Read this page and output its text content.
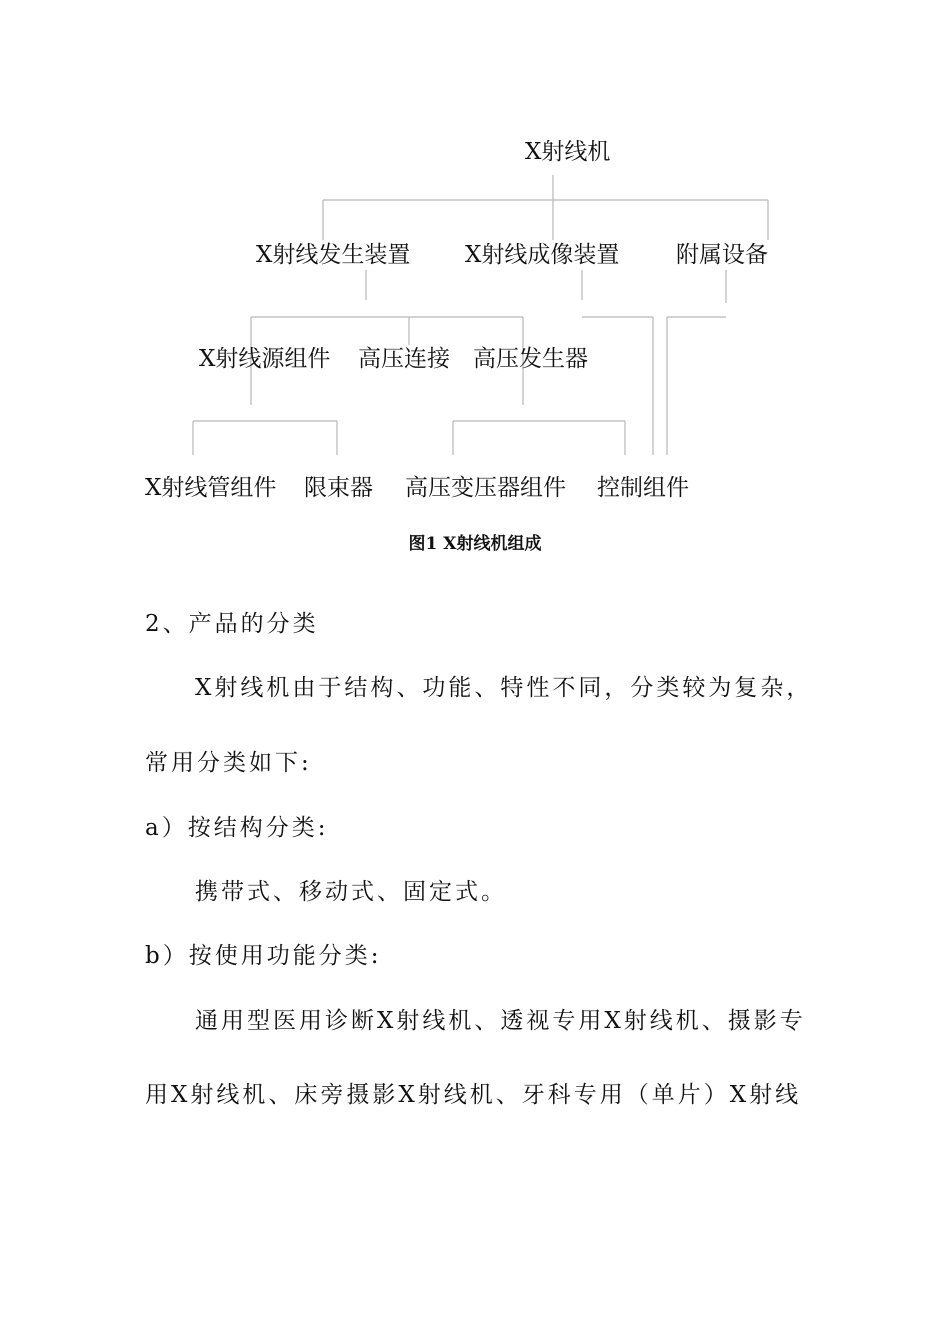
X射线机
X射线发生装置 X射线成像装置 附属设备
X射线源组件 高压连接 高压发生器
X射线管组件 限束器 高压变压器组件 控制组件
图1 X射线机组成
2、产品的分类
X射线机由于结构、功能、特性不同，分类较为复杂，
常用分类如下:
a）按结构分类:
携带式、移动式、固定式。
b）按使用功能分类:
通用型医用诊断X射线机、透视专用X射线机、摄影专
用X射线机、床旁摄影X射线机、牙科专用（单片）X射线
